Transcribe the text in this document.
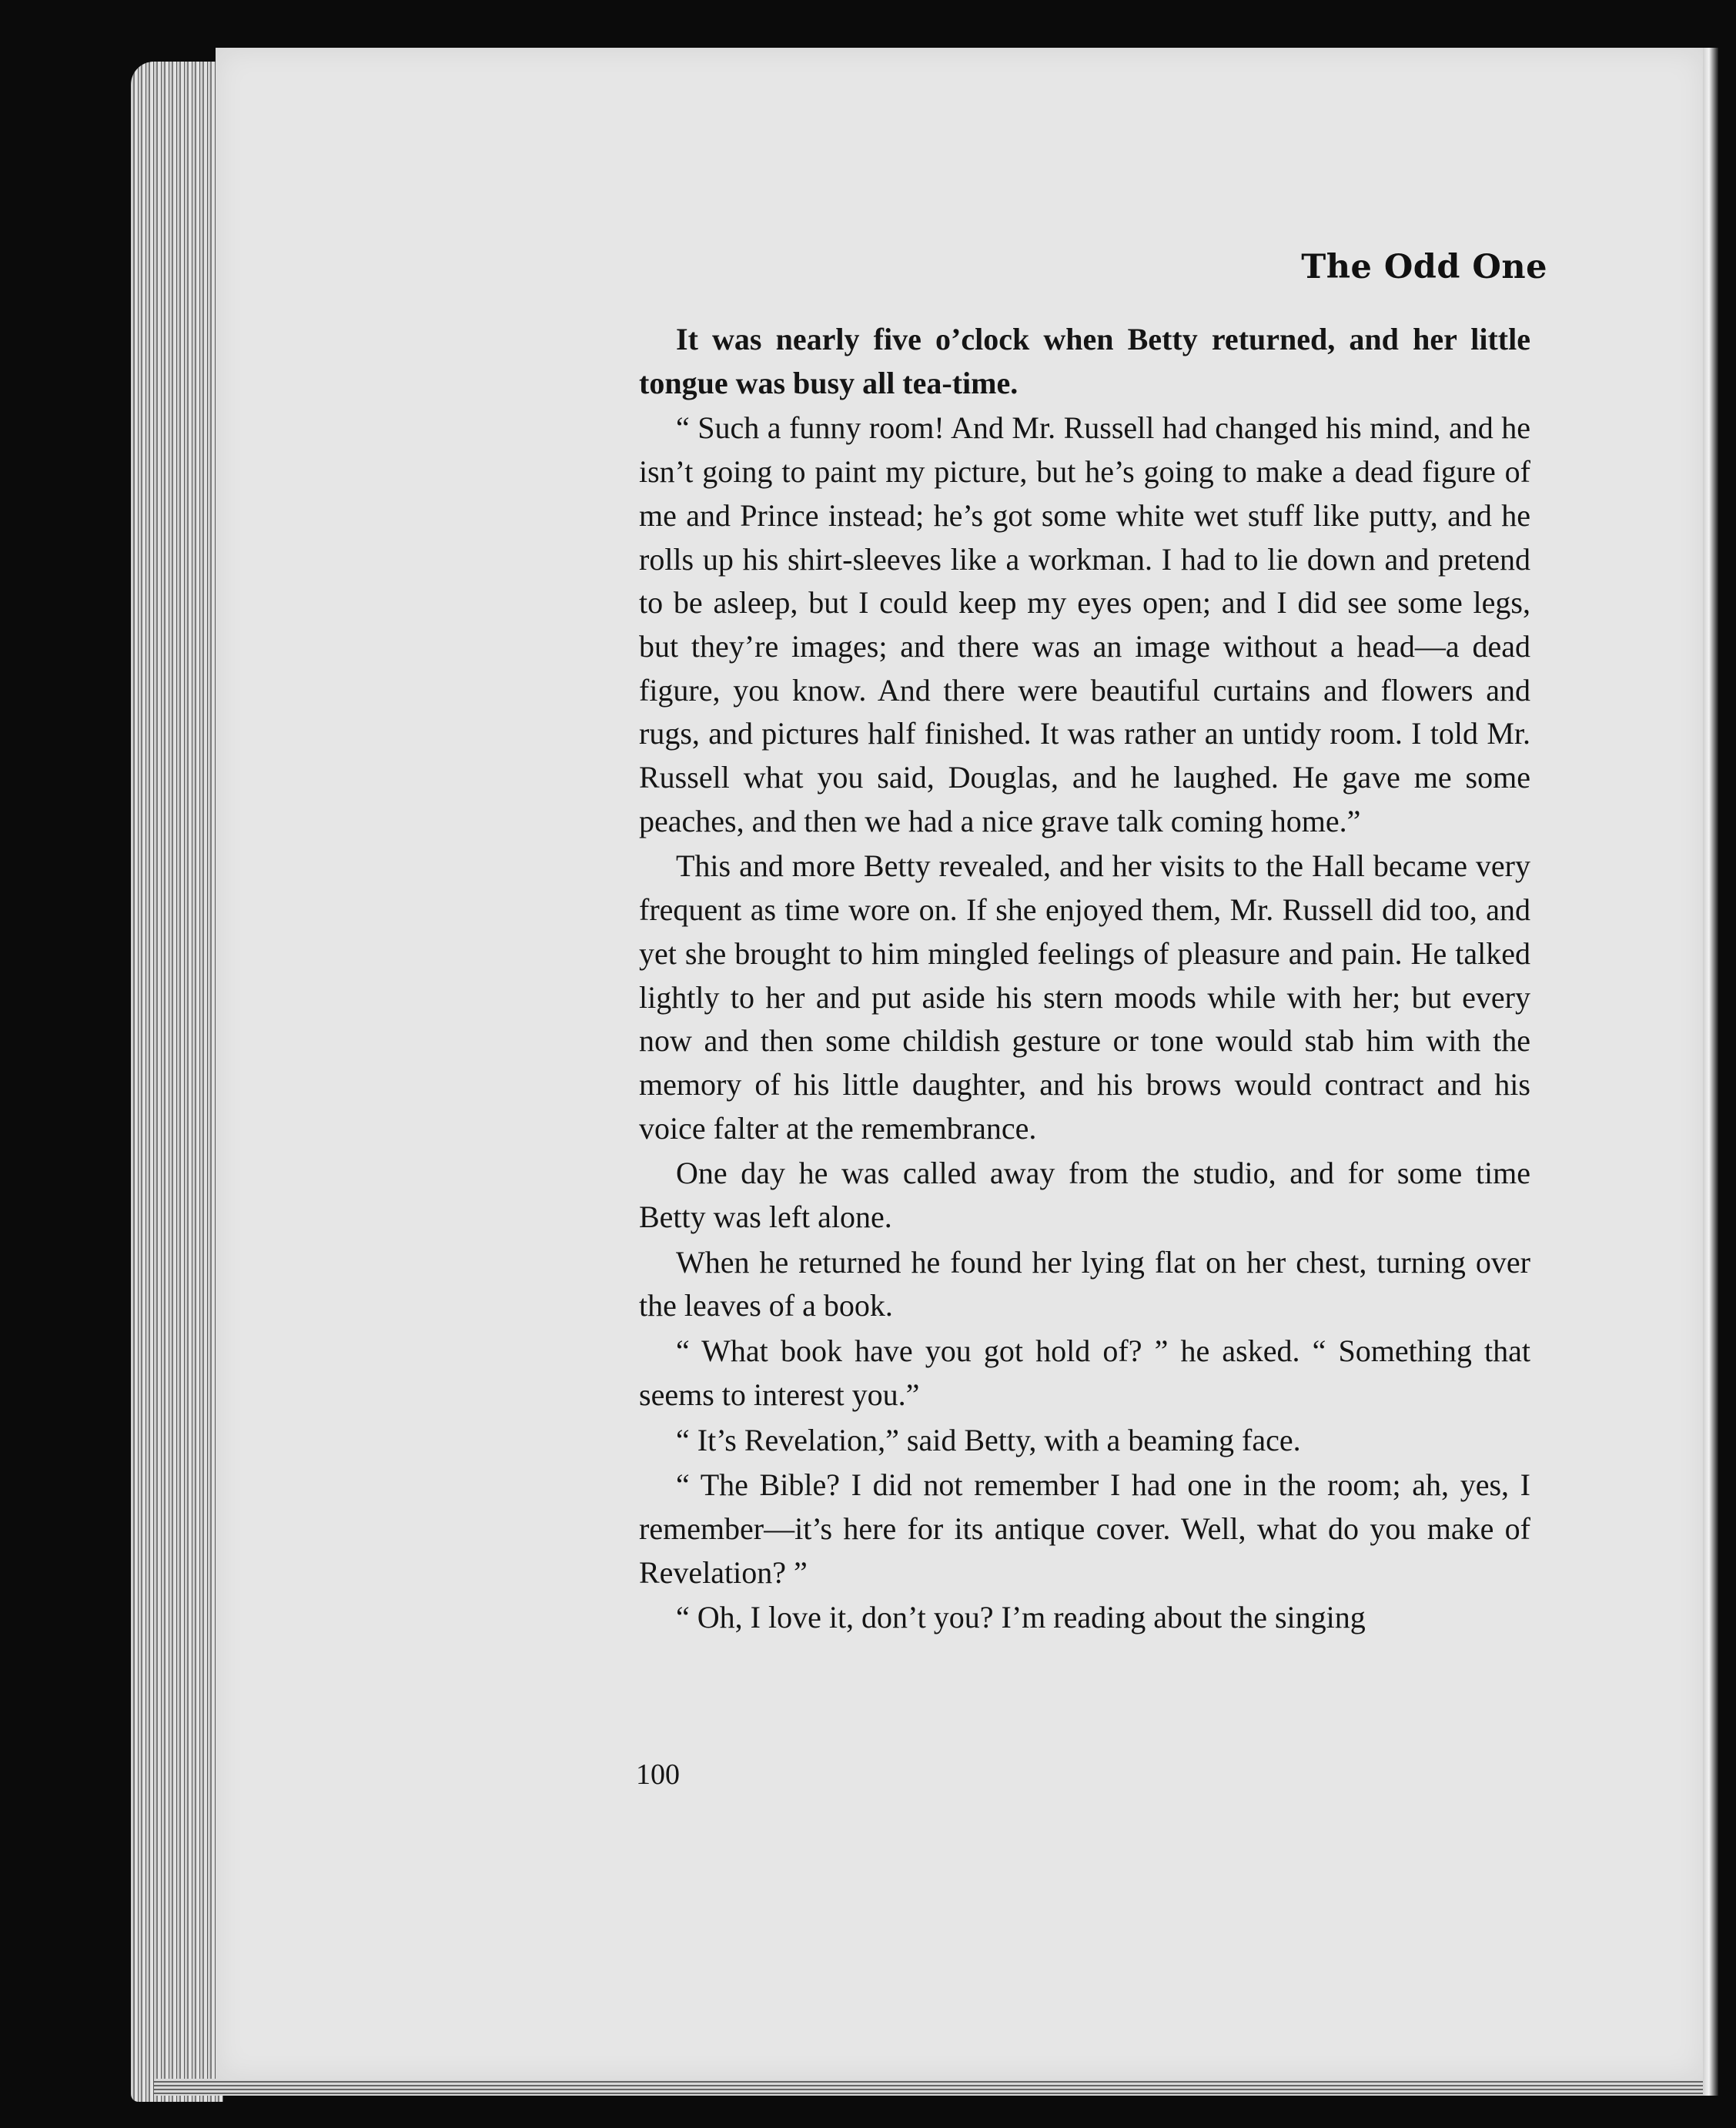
The Odd One

It was nearly five o’clock when Betty returned, and her little tongue was busy all tea-time.

“ Such a funny room! And Mr. Russell had changed his mind, and he isn’t going to paint my picture, but he’s going to make a dead figure of me and Prince instead; he’s got some white wet stuff like putty, and he rolls up his shirt-sleeves like a workman. I had to lie down and pretend to be asleep, but I could keep my eyes open; and I did see some legs, but they’re images; and there was an image without a head—a dead figure, you know. And there were beautiful curtains and flowers and rugs, and pictures half finished. It was rather an untidy room. I told Mr. Russell what you said, Douglas, and he laughed. He gave me some peaches, and then we had a nice grave talk coming home.”

This and more Betty revealed, and her visits to the Hall became very frequent as time wore on. If she enjoyed them, Mr. Russell did too, and yet she brought to him mingled feelings of pleasure and pain. He talked lightly to her and put aside his stern moods while with her; but every now and then some childish gesture or tone would stab him with the memory of his little daughter, and his brows would contract and his voice falter at the remembrance.

One day he was called away from the studio, and for some time Betty was left alone.

When he returned he found her lying flat on her chest, turning over the leaves of a book.

“ What book have you got hold of? ” he asked. “ Something that seems to interest you.”

“ It’s Revelation,” said Betty, with a beaming face.

“ The Bible? I did not remember I had one in the room; ah, yes, I remember—it’s here for its antique cover. Well, what do you make of Revelation? ”

“ Oh, I love it, don’t you? I’m reading about the singing

100
